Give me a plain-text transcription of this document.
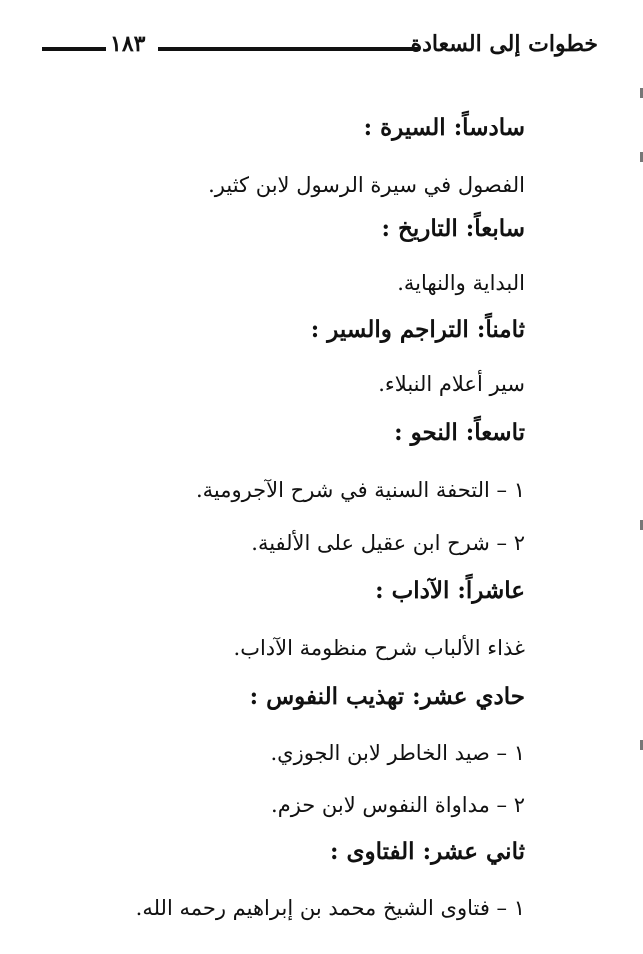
١٨٣	خطوات إلى السعادة
سادساً: السيرة :
الفصول في سيرة الرسول لابن كثير.
سابعاً: التاريخ :
البداية والنهاية.
ثامناً: التراجم والسير :
سير أعلام النبلاء.
تاسعاً: النحو :
١ – التحفة السنية في شرح الآجرومية.
٢ – شرح ابن عقيل على الألفية.
عاشراً: الآداب :
غذاء الألباب شرح منظومة الآداب.
حادي عشر: تهذيب النفوس :
١ – صيد الخاطر لابن الجوزي.
٢ – مداواة النفوس لابن حزم.
ثاني عشر: الفتاوى :
١ – فتاوى الشيخ محمد بن إبراهيم رحمه الله.
